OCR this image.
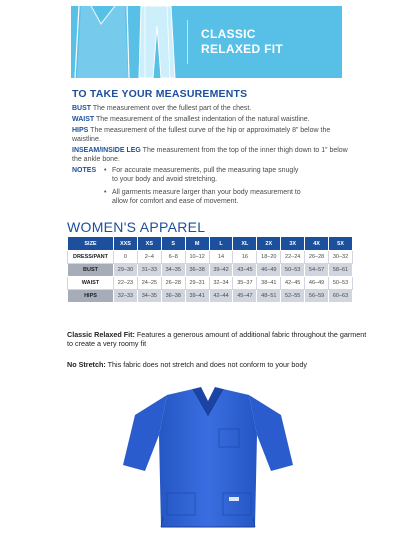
CLASSIC
RELAXED FIT
TO TAKE YOUR MEASUREMENTS
BUST The measurement over the fullest part of the chest.
WAIST The measurement of the smallest indentation of the natural waistline.
HIPS The measurement of the fullest curve of the hip or approximately 8” below the waistline.
INSEAM/INSIDE LEG The measurement from the top of the inner thigh down to 1” below the ankle bone.
NOTES	• For accurate measurements, pull the measuring tape snugly to your body and avoid stretching.
• All garments measure larger than your body measurement to allow for comfort and ease of movement.
WOMEN'S APPAREL
SIZE	XXS	XS	S	M	L	XL	2X	3X	4X	5X
DRESS/PANT	0	2–4	6–8	10–12	14	16	18–20	22–24	26–28	30–32
BUST	29–30	31–33	34–35	36–38	39–42	43–45	46–49	50–53	54–57	58–61
WAIST	22–23	24–25	26–28	29–31	32–34	35–37	38–41	42–45	46–49	50–53
HIPS	32–33	34–35	36–38	39–41	42–44	45–47	48–51	52–55	56–59	60–63
Classic Relaxed Fit: Features a generous amount of additional fabric throughout the garment to create a very roomy fit
No Stretch: This fabric does not stretch and does not conform to your body
